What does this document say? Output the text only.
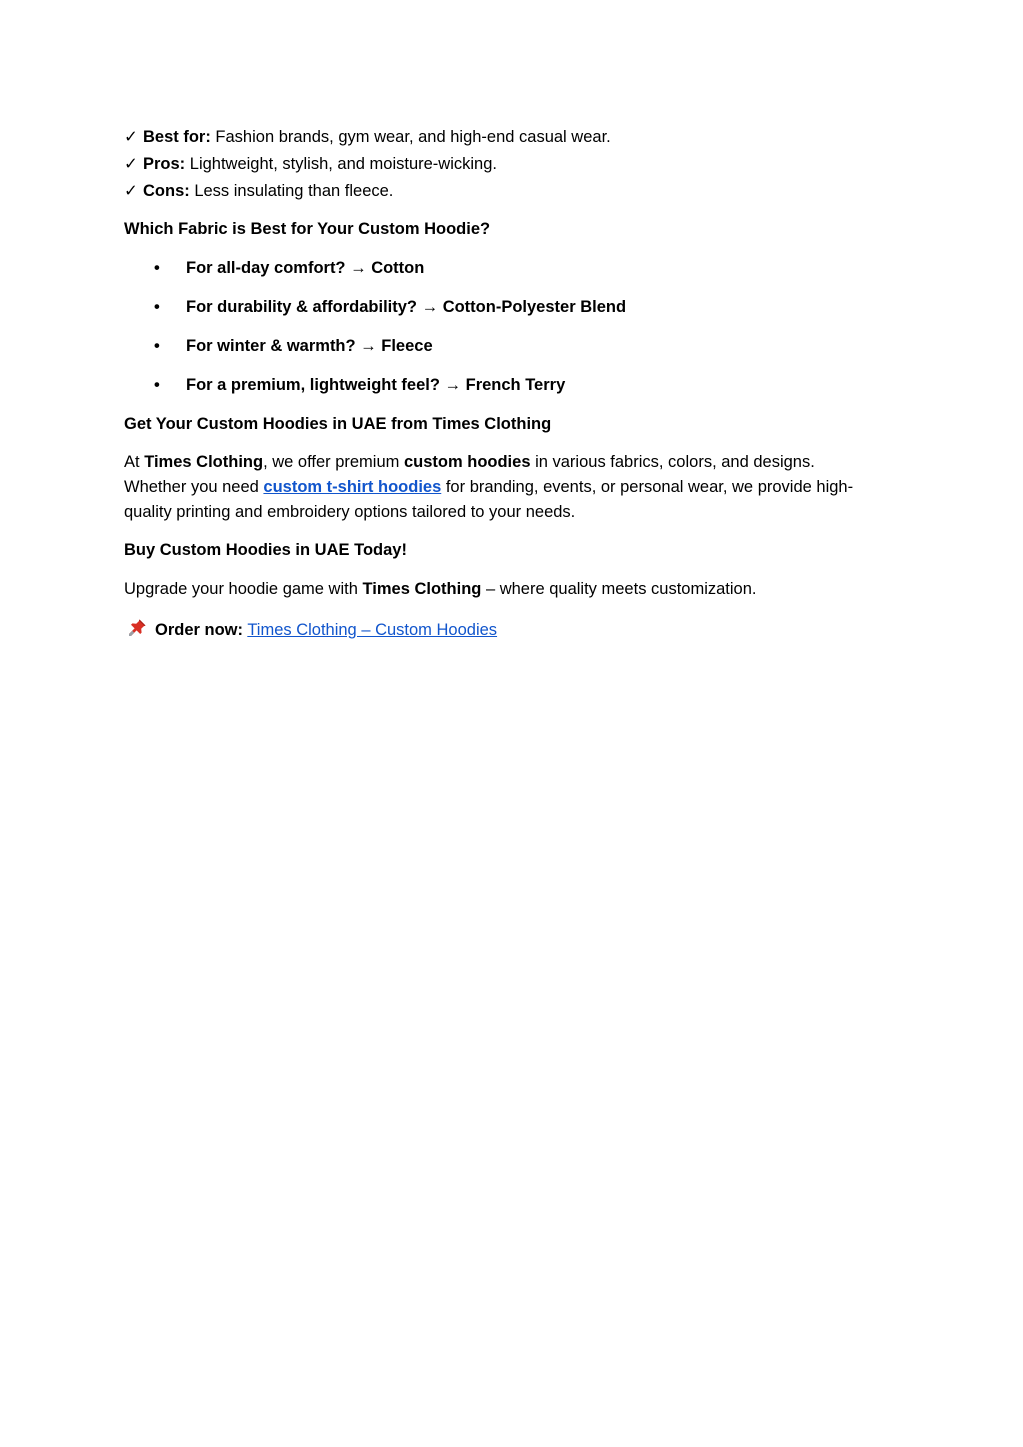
✓ Best for: Fashion brands, gym wear, and high-end casual wear.

✓ Pros: Lightweight, stylish, and moisture-wicking.

✓ Cons: Less insulating than fleece.

Which Fabric is Best for Your Custom Hoodie?

• For all-day comfort? → Cotton
• For durability & affordability? → Cotton-Polyester Blend
• For winter & warmth? → Fleece
• For a premium, lightweight feel? → French Terry

Get Your Custom Hoodies in UAE from Times Clothing

At Times Clothing, we offer premium custom hoodies in various fabrics, colors, and designs.
Whether you need custom t-shirt hoodies for branding, events, or personal wear, we provide high-
quality printing and embroidery options tailored to your needs.

Buy Custom Hoodies in UAE Today!

Upgrade your hoodie game with Times Clothing – where quality meets customization.

Order now: Times Clothing – Custom Hoodies
